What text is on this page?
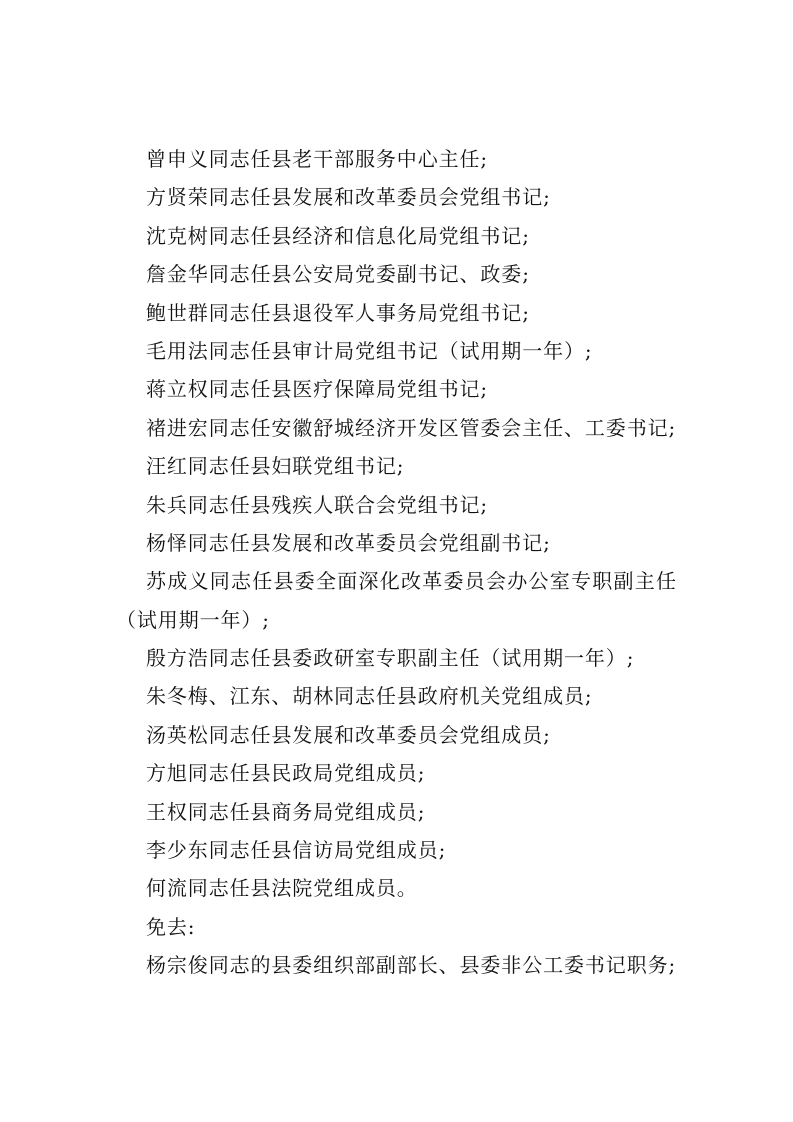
曾申义同志任县老干部服务中心主任;
方贤荣同志任县发展和改革委员会党组书记;
沈克树同志任县经济和信息化局党组书记;
詹金华同志任县公安局党委副书记、政委;
鲍世群同志任县退役军人事务局党组书记;
毛用法同志任县审计局党组书记（试用期一年）;
蒋立权同志任县医疗保障局党组书记;
褚进宏同志任安徽舒城经济开发区管委会主任、工委书记;
汪红同志任县妇联党组书记;
朱兵同志任县残疾人联合会党组书记;
杨怿同志任县发展和改革委员会党组副书记;
苏成义同志任县委全面深化改革委员会办公室专职副主任
（试用期一年）;
殷方浩同志任县委政研室专职副主任（试用期一年）;
朱冬梅、江东、胡林同志任县政府机关党组成员;
汤英松同志任县发展和改革委员会党组成员;
方旭同志任县民政局党组成员;
王权同志任县商务局党组成员;
李少东同志任县信访局党组成员;
何流同志任县法院党组成员。
免去:
杨宗俊同志的县委组织部副部长、县委非公工委书记职务;
